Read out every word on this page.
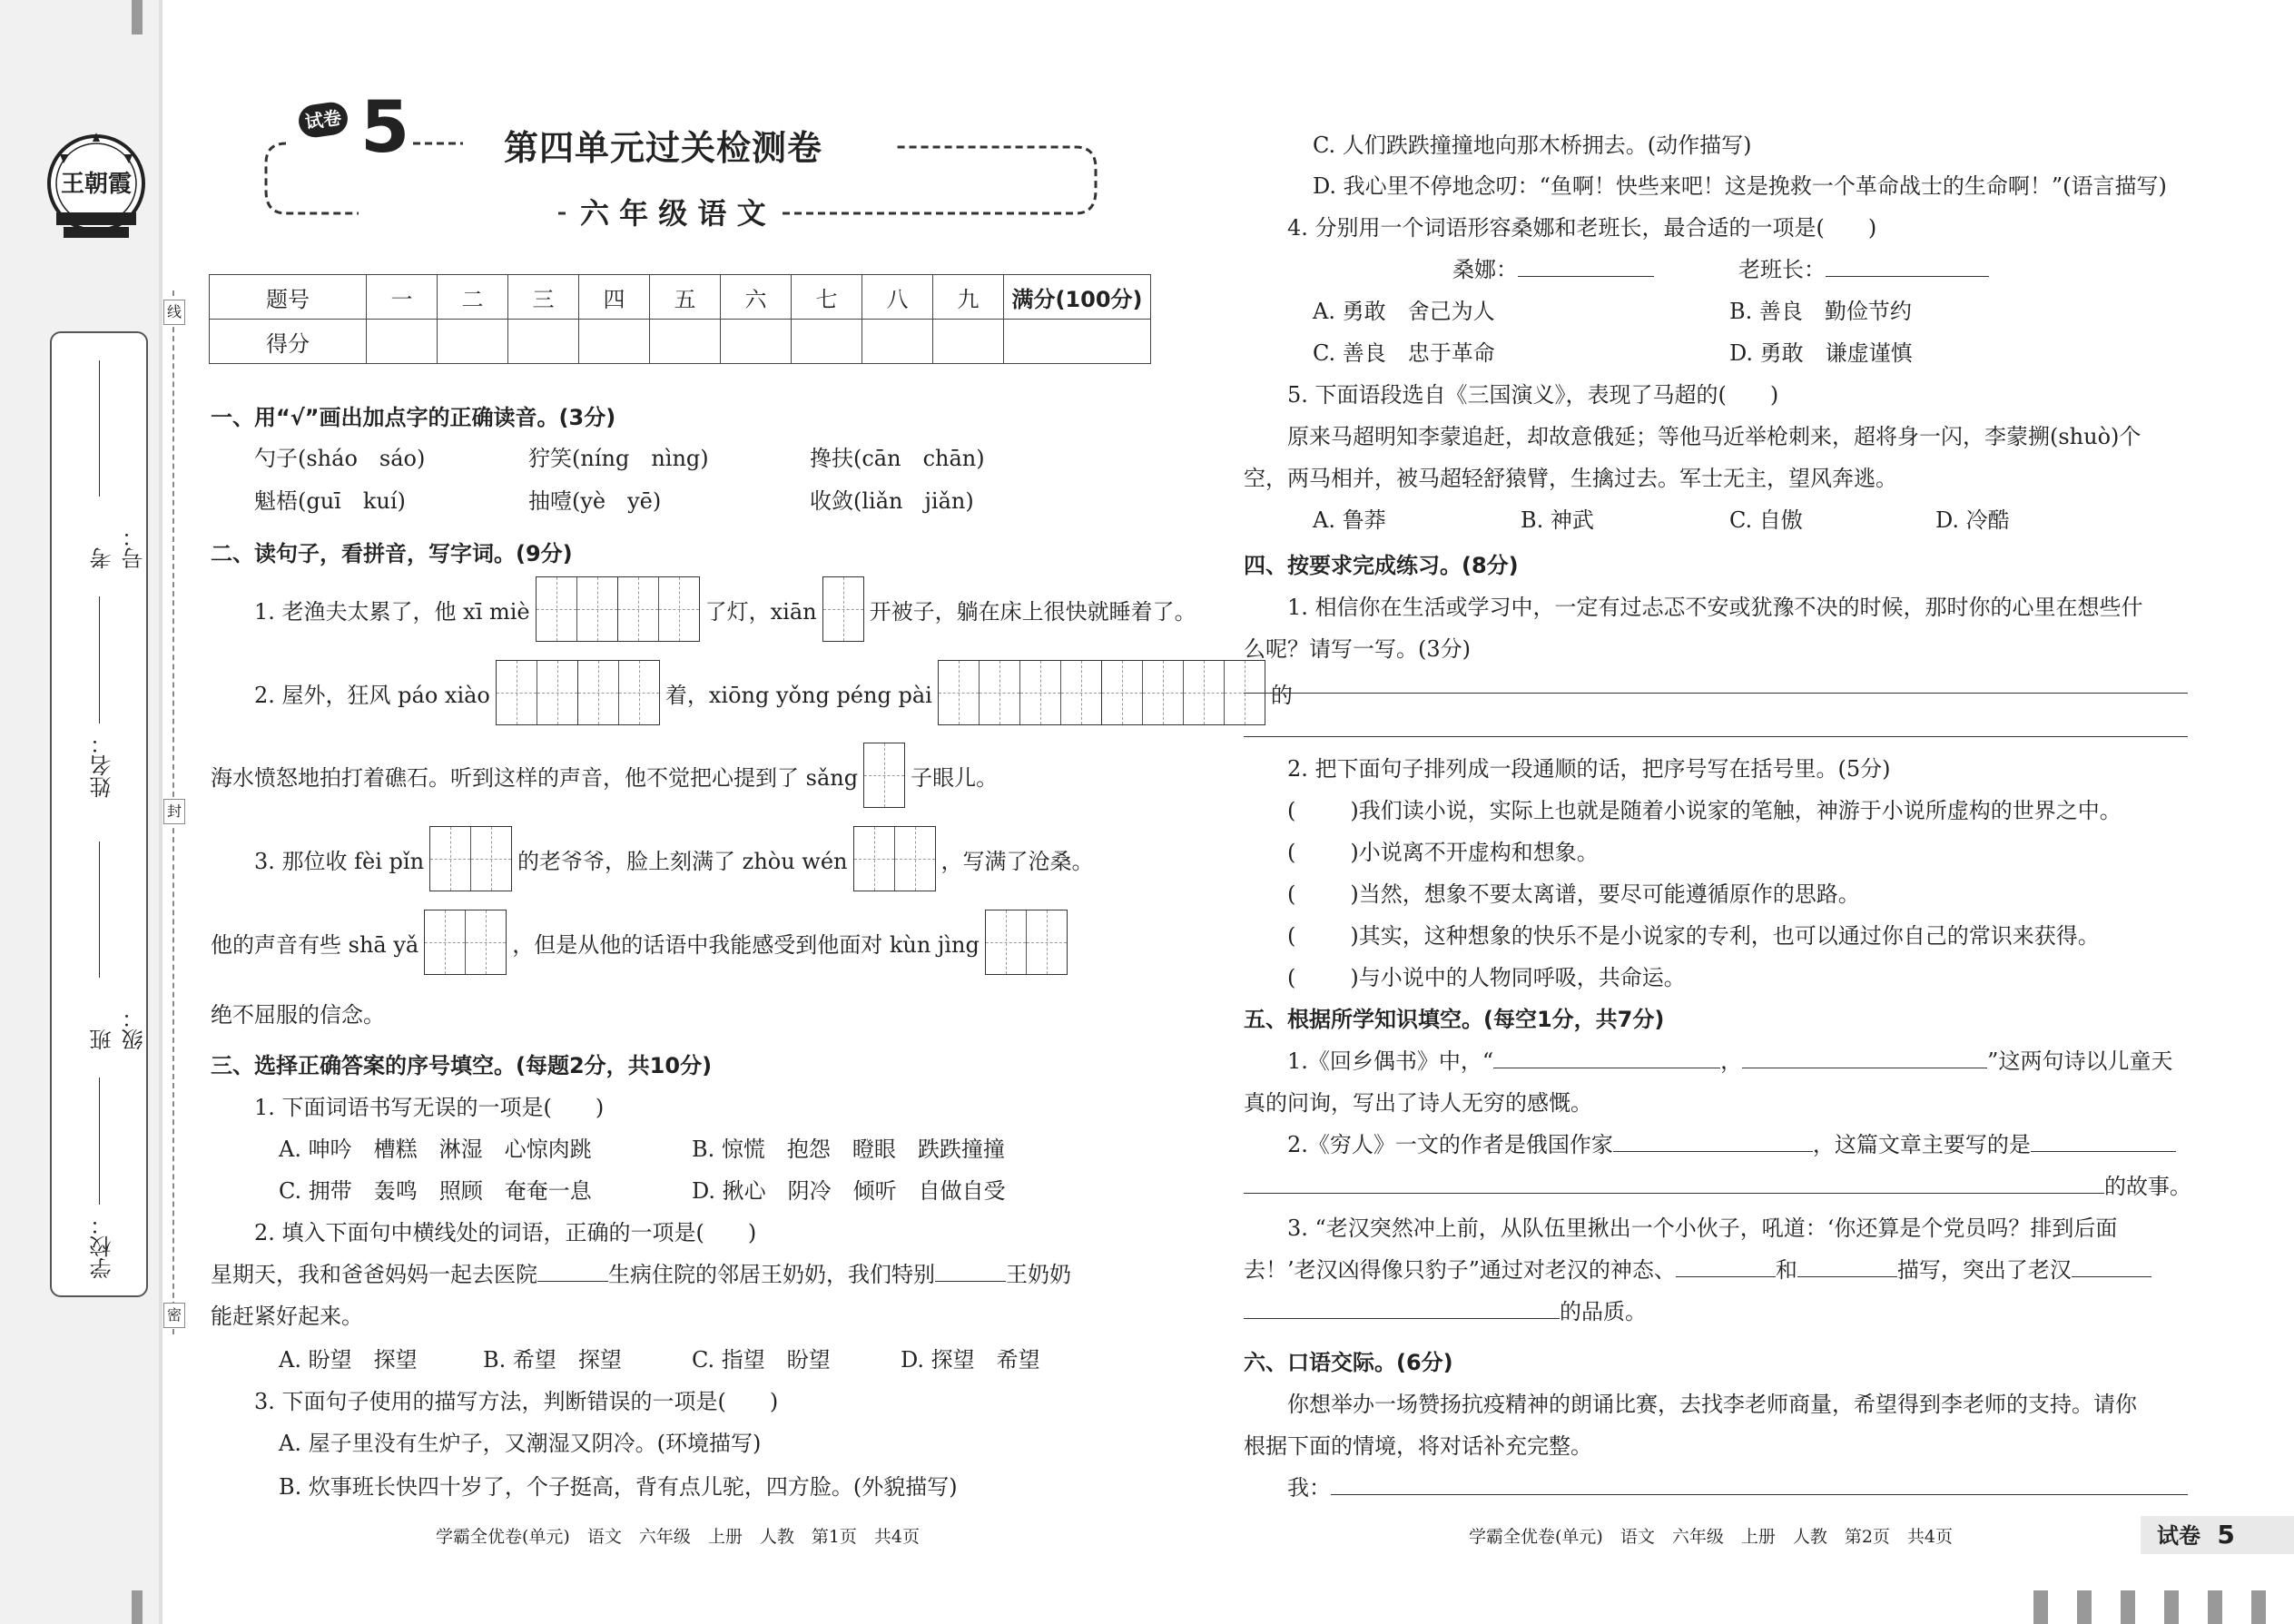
王朝霞
考号：
姓名：
班级：
学校：
线
封
密
试卷 5	第四单元过关检测卷
六 年 级 语 文
题号	一	二	三	四	五	六	七	八	九	满分(100分)
得分										
一、用“√”画出加点字的正确读音。(3分)
勺子(sháo　sáo)	狞笑(níng　nìng)	搀扶(cān　chān)
魁梧(guī　kuí)	抽噎(yè　yē)	收敛(liǎn　jiǎn)
二、读句子，看拼音，写字词。(9分)
1. 老渔夫太累了，他 xī miè	了灯，xiān 开被子，躺在床上很快就睡着了。
2. 屋外，狂风 páo xiào	着，xiōng yǒng péng pài	的
海水愤怒地拍打着礁石。听到这样的声音，他不觉把心提到了 sǎng 子眼儿。
3. 那位收 fèi pǐn	的老爷爷，脸上刻满了 zhòu wén	，写满了沧桑。
他的声音有些 shā yǎ	，但是从他的话语中我能感受到他面对 kùn jìng
绝不屈服的信念。
三、选择正确答案的序号填空。(每题2分，共10分)
1. 下面词语书写无误的一项是(　　)
A. 呻吟　槽糕　淋湿　心惊肉跳	B. 惊慌　抱怨　瞪眼　跌跌撞撞
C. 拥带　轰鸣　照顾　奄奄一息	D. 揪心　阴冷　倾听　自做自受
2. 填入下面句中横线处的词语，正确的一项是(　　)
星期天，我和爸爸妈妈一起去医院	生病住院的邻居王奶奶，我们特别	王奶奶
能赶紧好起来。
A. 盼望　探望	B. 希望　探望	C. 指望　盼望	D. 探望　希望
3. 下面句子使用的描写方法，判断错误的一项是(　　)
A. 屋子里没有生炉子，又潮湿又阴冷。(环境描写)
B. 炊事班长快四十岁了，个子挺高，背有点儿驼，四方脸。(外貌描写)
学霸全优卷(单元)　语文　六年级　上册　人教　第1页　共4页
C. 人们跌跌撞撞地向那木桥拥去。(动作描写)
D. 我心里不停地念叨：“鱼啊！快些来吧！这是挽救一个革命战士的生命啊！”(语言描写)
4. 分别用一个词语形容桑娜和老班长，最合适的一项是(　　)
桑娜：	老班长：
A. 勇敢　舍己为人	B. 善良　勤俭节约
C. 善良　忠于革命	D. 勇敢　谦虚谨慎
5. 下面语段选自《三国演义》，表现了马超的(　　)
原来马超明知李蒙追赶，却故意俄延；等他马近举枪刺来，超将身一闪，李蒙搠(shuò)个
空，两马相并，被马超轻舒猿臂，生擒过去。军士无主，望风奔逃。
A. 鲁莽	B. 神武	C. 自傲	D. 冷酷
四、按要求完成练习。(8分)
1. 相信你在生活或学习中，一定有过忐忑不安或犹豫不决的时候，那时你的心里在想些什
么呢？请写一写。(3分)
2. 把下面句子排列成一段通顺的话，把序号写在括号里。(5分)
(	)我们读小说，实际上也就是随着小说家的笔触，神游于小说所虚构的世界之中。
(	)小说离不开虚构和想象。
(	)当然，想象不要太离谱，要尽可能遵循原作的思路。
(	)其实，这种想象的快乐不是小说家的专利，也可以通过你自己的常识来获得。
(	)与小说中的人物同呼吸，共命运。
五、根据所学知识填空。(每空1分，共7分)
1.《回乡偶书》中，“	，	”这两句诗以儿童天
真的问询，写出了诗人无穷的感慨。
2.《穷人》一文的作者是俄国作家	，这篇文章主要写的是
的故事。
3. “老汉突然冲上前，从队伍里揪出一个小伙子，吼道：‘你还算是个党员吗？排到后面
去！’老汉凶得像只豹子”通过对老汉的神态、	和	描写，突出了老汉
的品质。
六、口语交际。(6分)
你想举办一场赞扬抗疫精神的朗诵比赛，去找李老师商量，希望得到李老师的支持。请你
根据下面的情境，将对话补充完整。
我：
学霸全优卷(单元)　语文　六年级　上册　人教　第2页　共4页	试卷 5
